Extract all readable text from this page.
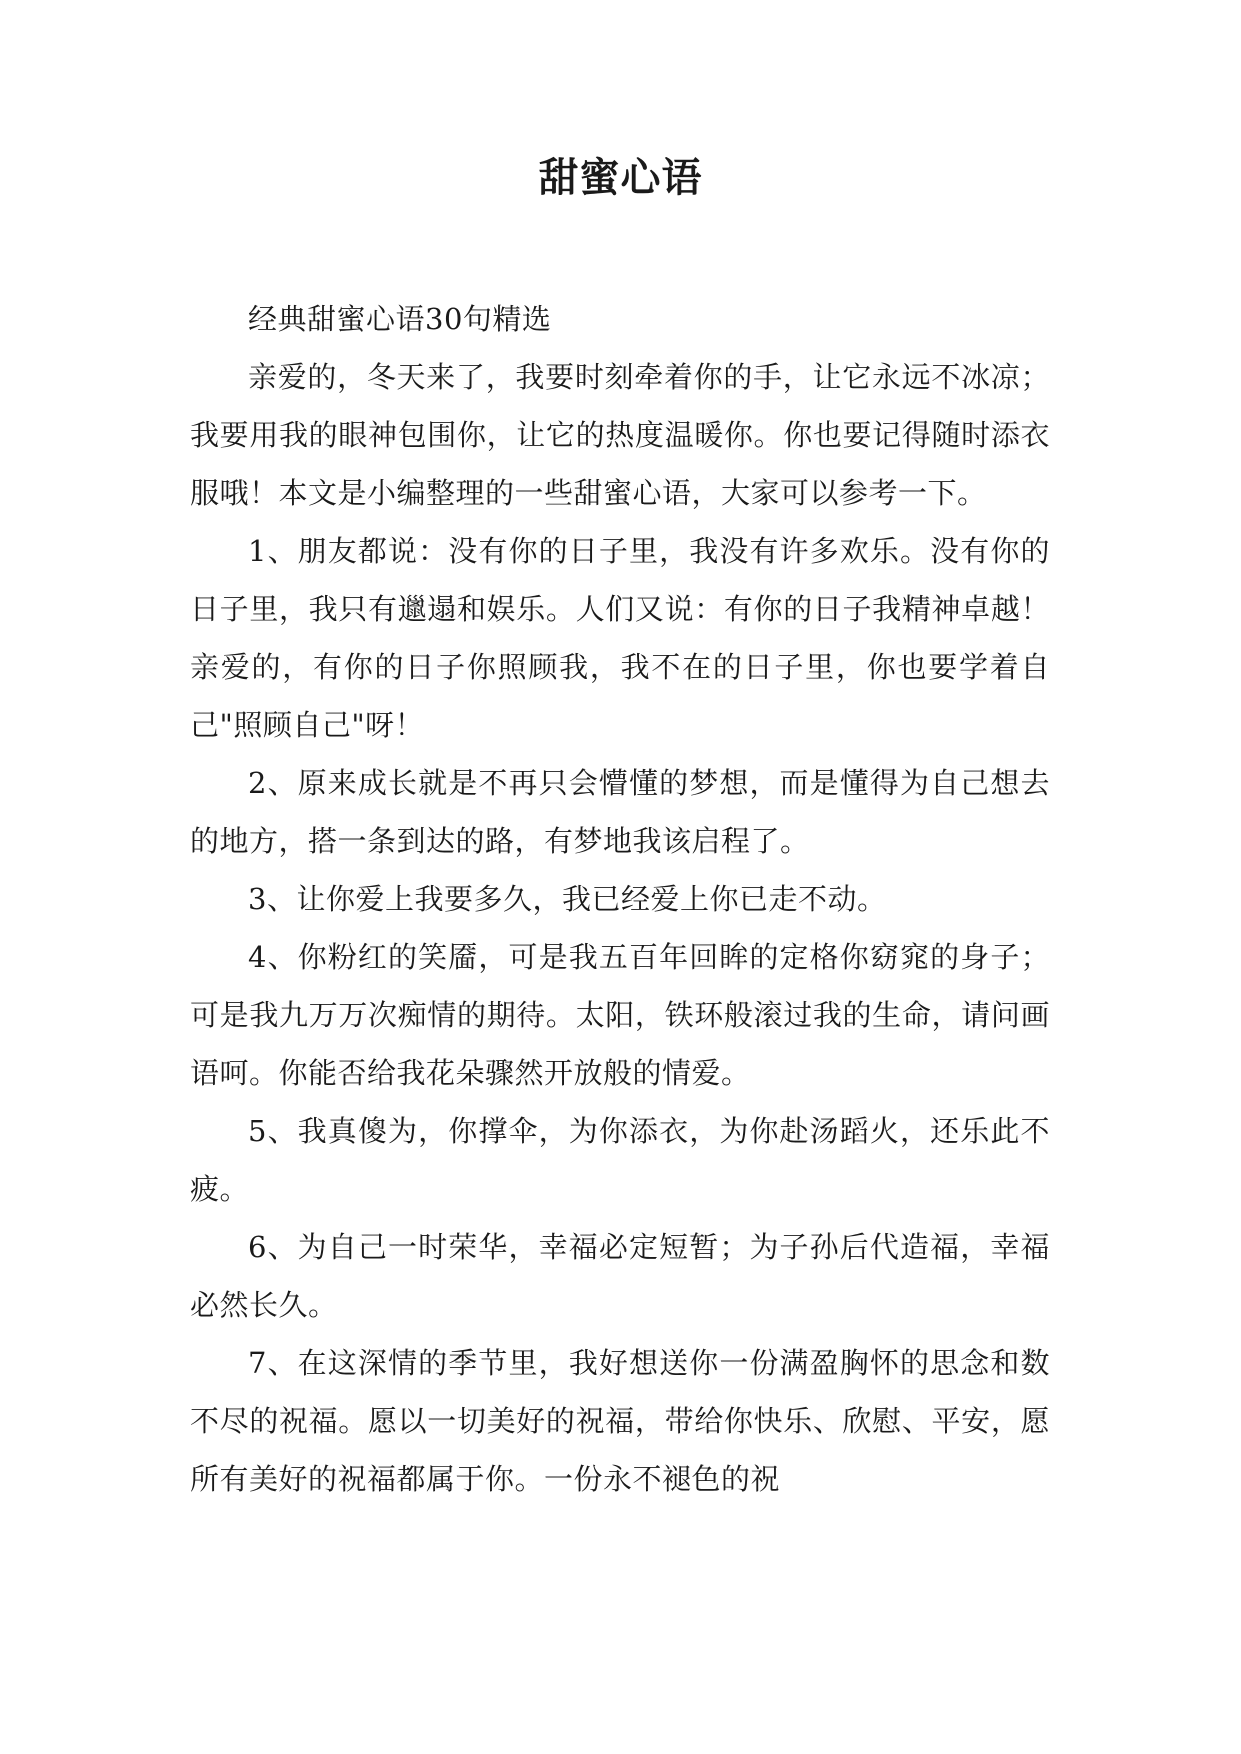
甜蜜心语

经典甜蜜心语30句精选

亲爱的，冬天来了，我要时刻牵着你的手，让它永远不冰凉；我要用我的眼神包围你，让它的热度温暖你。你也要记得随时添衣服哦！本文是小编整理的一些甜蜜心语，大家可以参考一下。

1、朋友都说：没有你的日子里，我没有许多欢乐。没有你的日子里，我只有邋遢和娱乐。人们又说：有你的日子我精神卓越！亲爱的，有你的日子你照顾我，我不在的日子里，你也要学着自己"照顾自己"呀！

2、原来成长就是不再只会懵懂的梦想，而是懂得为自己想去的地方，搭一条到达的路，有梦地我该启程了。

3、让你爱上我要多久，我已经爱上你已走不动。

4、你粉红的笑靥，可是我五百年回眸的定格你窈窕的身子；可是我九万万次痴情的期待。太阳，铁环般滚过我的生命，请问画语呵。你能否给我花朵骤然开放般的情爱。

5、我真傻为，你撑伞，为你添衣，为你赴汤蹈火，还乐此不疲。

6、为自己一时荣华，幸福必定短暂；为子孙后代造福，幸福必然长久。

7、在这深情的季节里，我好想送你一份满盈胸怀的思念和数不尽的祝福。愿以一切美好的祝福，带给你快乐、欣慰、平安，愿所有美好的祝福都属于你。一份永不褪色的祝
